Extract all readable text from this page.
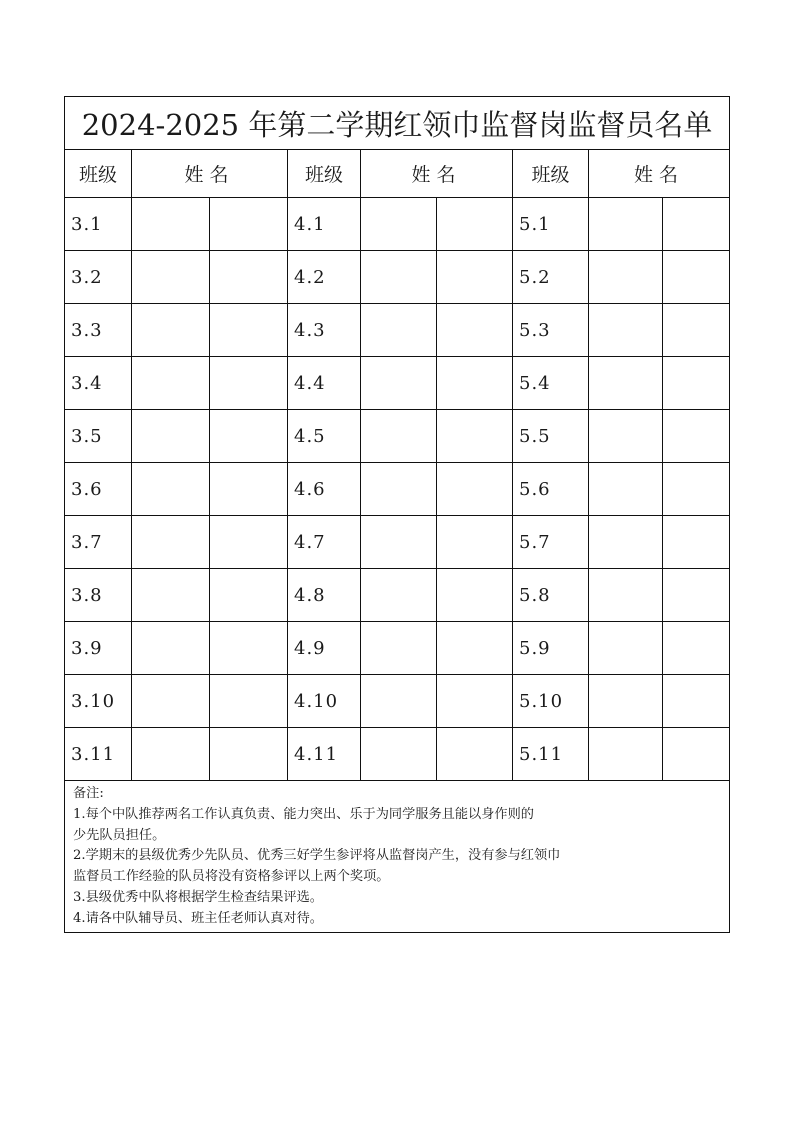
2024-2025 年第二学期红领巾监督岗监督员名单								
班级	姓名		班级	姓名		班级	姓名	
3.1			4.1			5.1		
3.2			4.2			5.2		
3.3			4.3			5.3		
3.4			4.4			5.4		
3.5			4.5			5.5		
3.6			4.6			5.6		
3.7			4.7			5.7		
3.8			4.8			5.8		
3.9			4.9			5.9		
3.10			4.10			5.10		
3.11			4.11			5.11		

备注:
1.每个中队推荐两名工作认真负责、能力突出、乐于为同学服务且能以身作则的
少先队员担任。
2.学期末的县级优秀少先队员、优秀三好学生参评将从监督岗产生，没有参与红领巾
监督员工作经验的队员将没有资格参评以上两个奖项。
3.县级优秀中队将根据学生检查结果评选。
4.请各中队辅导员、班主任老师认真对待。
